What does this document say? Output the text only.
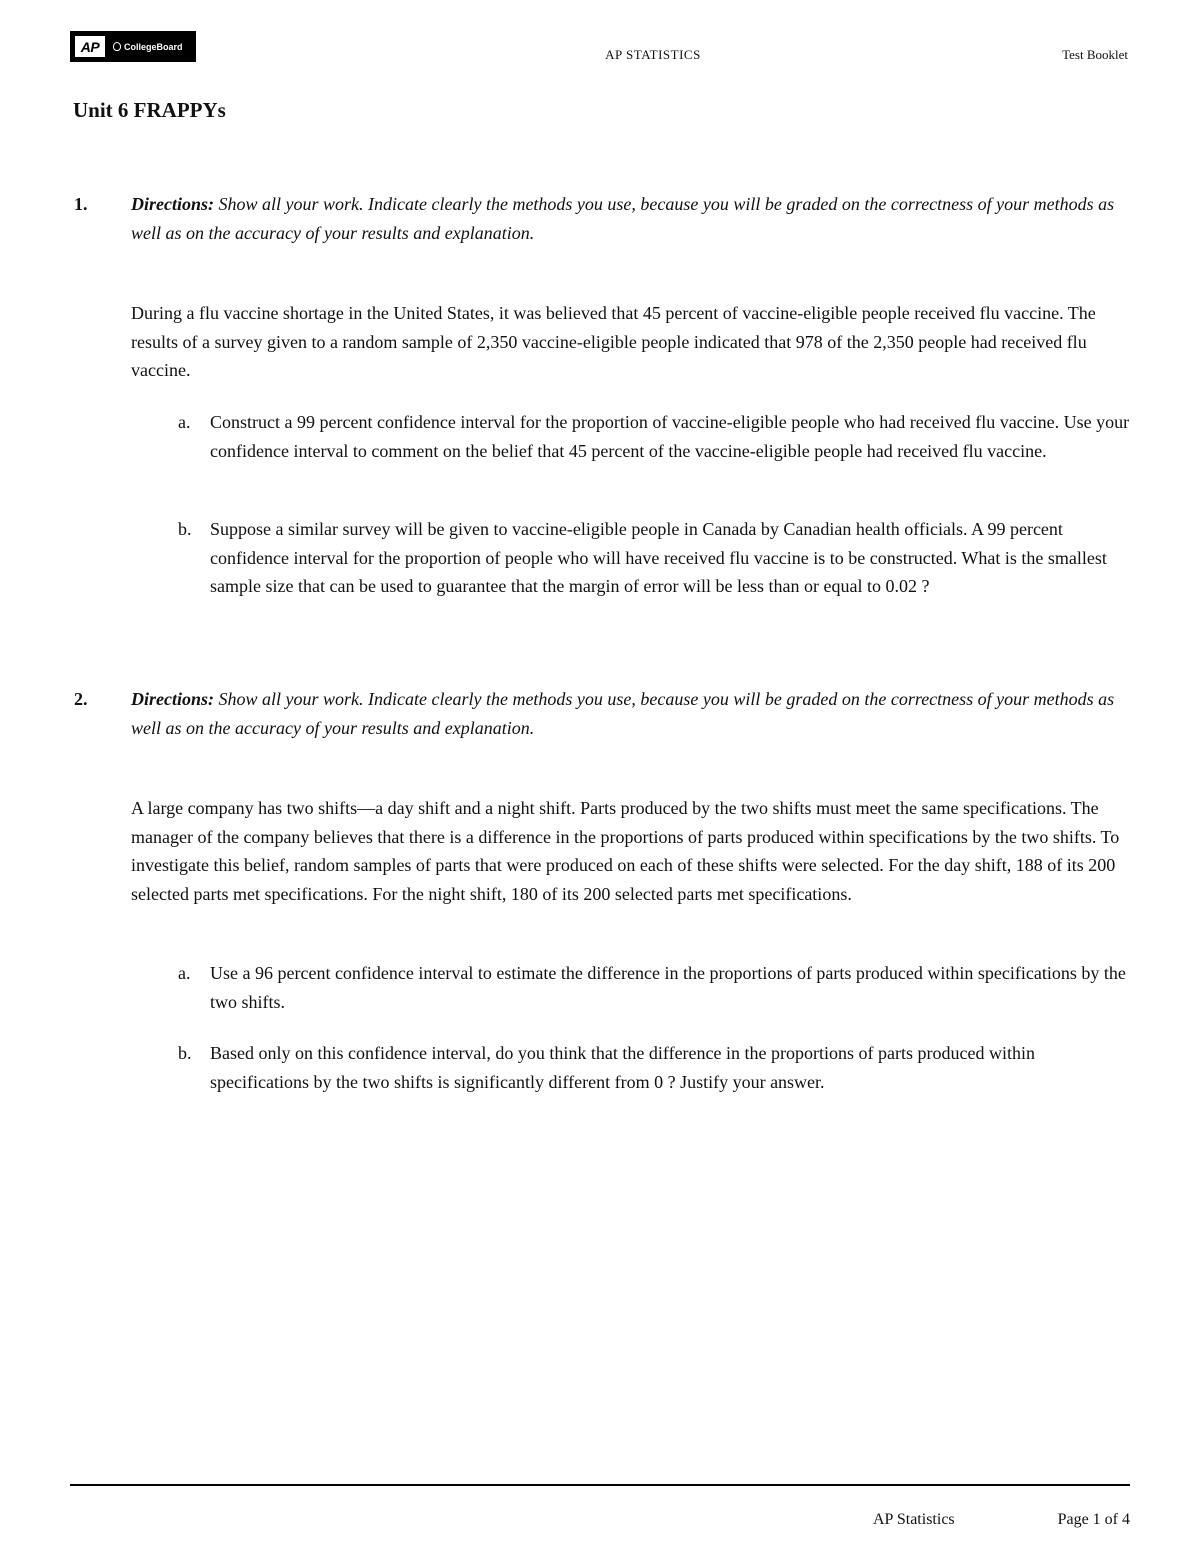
AP	CollegeBoard
AP STATISTICS	Test Booklet
Unit 6 FRAPPYs
1. Directions: Show all your work. Indicate clearly the methods you use, because you will be graded on the correctness of your methods as well as on the accuracy of your results and explanation.
During a flu vaccine shortage in the United States, it was believed that 45 percent of vaccine-eligible people received flu vaccine. The results of a survey given to a random sample of 2,350 vaccine-eligible people indicated that 978 of the 2,350 people had received flu vaccine.
a. Construct a 99 percent confidence interval for the proportion of vaccine-eligible people who had received flu vaccine. Use your confidence interval to comment on the belief that 45 percent of the vaccine-eligible people had received flu vaccine.
b. Suppose a similar survey will be given to vaccine-eligible people in Canada by Canadian health officials. A 99 percent confidence interval for the proportion of people who will have received flu vaccine is to be constructed. What is the smallest sample size that can be used to guarantee that the margin of error will be less than or equal to 0.02 ?
2. Directions: Show all your work. Indicate clearly the methods you use, because you will be graded on the correctness of your methods as well as on the accuracy of your results and explanation.
A large company has two shifts—a day shift and a night shift. Parts produced by the two shifts must meet the same specifications. The manager of the company believes that there is a difference in the proportions of parts produced within specifications by the two shifts. To investigate this belief, random samples of parts that were produced on each of these shifts were selected. For the day shift, 188 of its 200 selected parts met specifications. For the night shift, 180 of its 200 selected parts met specifications.
a. Use a 96 percent confidence interval to estimate the difference in the proportions of parts produced within specifications by the two shifts.
b. Based only on this confidence interval, do you think that the difference in the proportions of parts produced within specifications by the two shifts is significantly different from 0 ? Justify your answer.
AP Statistics	Page 1 of 4
